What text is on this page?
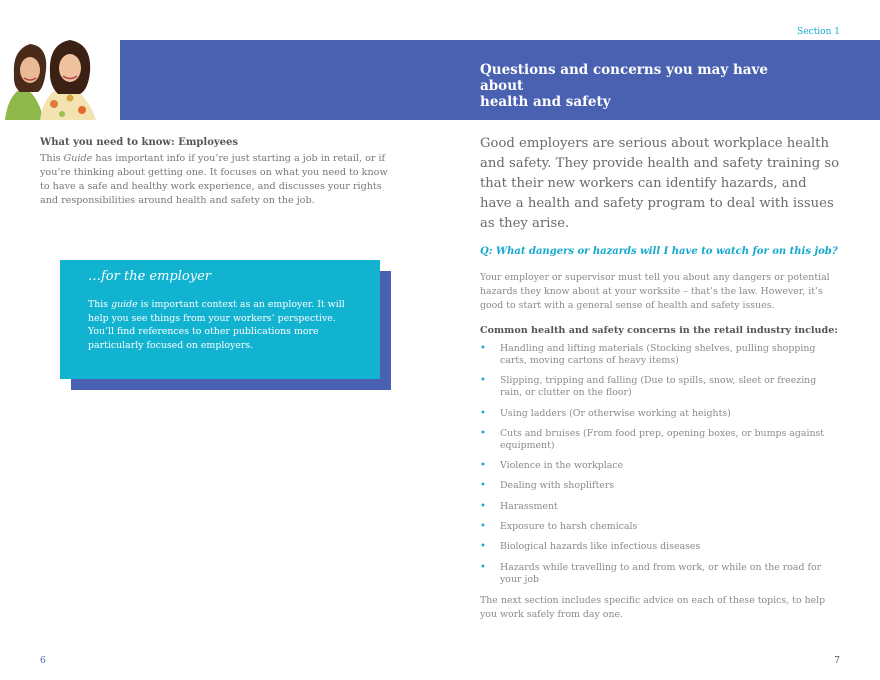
Section 1
Questions and concerns you may have about
health and safety

What you need to know: Employees

This Guide has important info if you’re just starting a job in retail, or if you’re thinking about getting one. It focuses on what you need to know to have a safe and healthy work experience, and discusses your rights and responsibilities around health and safety on the job.

…for the employer
This guide is important context as an employer. It will help you see things from your workers’ perspective. You’ll find references to other publications more particularly focused on employers.

Good employers are serious about workplace health and safety. They provide health and safety training so that their new workers can identify hazards, and have a health and safety program to deal with issues as they arise.

Q: What dangers or hazards will I have to watch for on this job?

Your employer or supervisor must tell you about any dangers or potential hazards they know about at your worksite – that’s the law. However, it’s good to start with a general sense of health and safety issues.

Common health and safety concerns in the retail industry include:

• Handling and lifting materials (Stocking shelves, pulling shopping carts, moving cartons of heavy items)
• Slipping, tripping and falling (Due to spills, snow, sleet or freezing rain, or clutter on the floor)
• Using ladders (Or otherwise working at heights)
• Cuts and bruises (From food prep, opening boxes, or bumps against equipment)
• Violence in the workplace
• Dealing with shoplifters
• Harassment
• Exposure to harsh chemicals
• Biological hazards like infectious diseases
• Hazards while travelling to and from work, or while on the road for your job

The next section includes specific advice on each of these topics, to help you work safely from day one.

6	7
